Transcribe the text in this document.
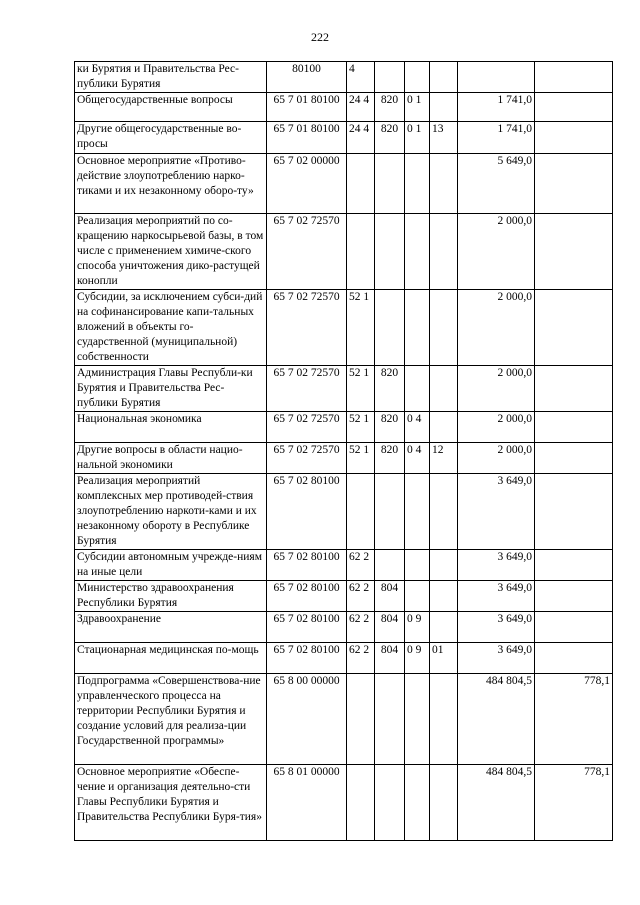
222
ки Бурятия и Правительства Рес-публики Бурятия	80100	4					
Общегосударственные вопросы	65 7 01 80100	24 4	820	0 1		1 741,0	
Другие общегосударственные во-просы	65 7 01 80100	24 4	820	0 1	13	1 741,0	
Основное мероприятие «Противо-действие злоупотреблению нарко-тиками и их незаконному оборо-ту»	65 7 02 00000					5 649,0	
Реализация мероприятий по со-кращению наркосырьевой базы, в том числе с применением химиче-ского способа уничтожения дико-растущей конопли	65 7 02 72570					2 000,0	
Субсидии, за исключением субси-дий на софинансирование капи-тальных вложений в объекты го-сударственной (муниципальной) собственности	65 7 02 72570	52 1				2 000,0	
Администрация Главы Республи-ки Бурятия и Правительства Рес-публики Бурятия	65 7 02 72570	52 1	820			2 000,0	
Национальная экономика	65 7 02 72570	52 1	820	0 4		2 000,0	
Другие вопросы в области нацио-нальной экономики	65 7 02 72570	52 1	820	0 4	12	2 000,0	
Реализация мероприятий комплексных мер противодей-ствия злоупотреблению наркоти-ками и их незаконному обороту в Республике Бурятия	65 7 02 80100					3 649,0	
Субсидии автономным учрежде-ниям на иные цели	65 7 02 80100	62 2				3 649,0	
Министерство здравоохранения Республики Бурятия	65 7 02 80100	62 2	804			3 649,0	
Здравоохранение	65 7 02 80100	62 2	804	0 9		3 649,0	
Стационарная медицинская по-мощь	65 7 02 80100	62 2	804	0 9	01	3 649,0	
Подпрограмма «Совершенствова-ние управленческого процесса на территории Республики Бурятия и создание условий для реализа-ции Государственной программы»	65 8 00 00000					484 804,5	778,1
Основное мероприятие «Обеспе-чение и организация деятельно-сти Главы Республики Бурятия и Правительства Республики Буря-тия»	65 8 01 00000					484 804,5	778,1
